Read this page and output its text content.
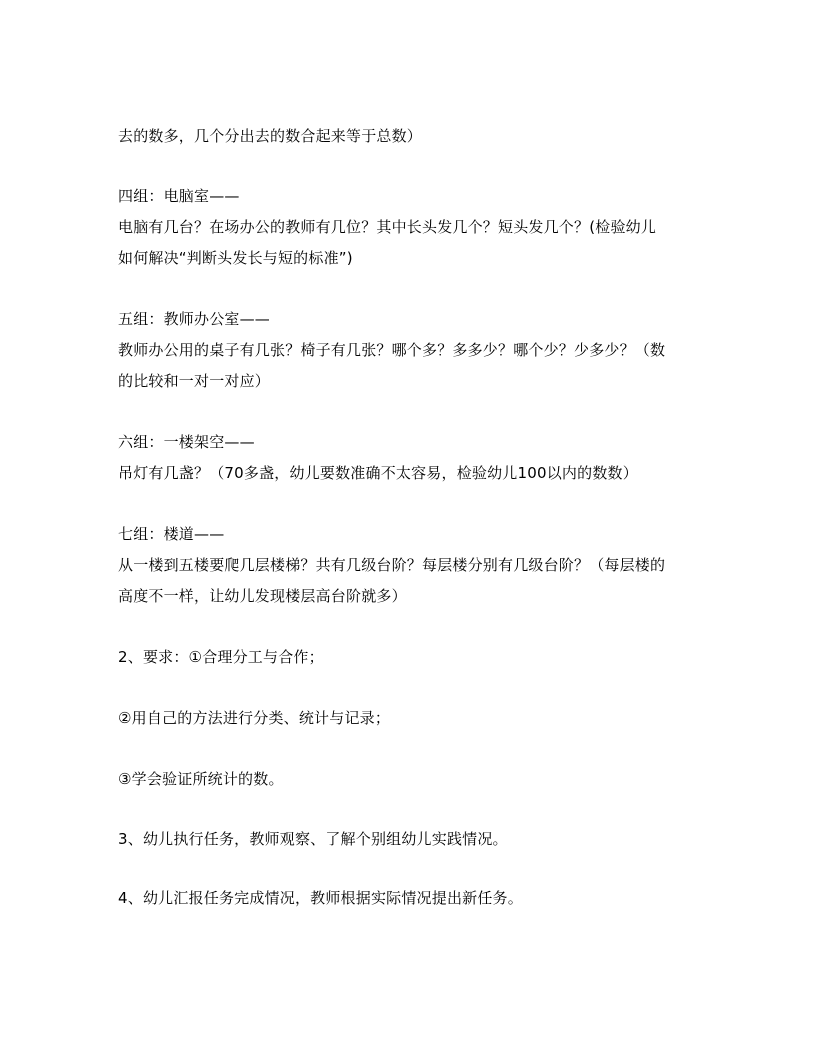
去的数多，几个分出去的数合起来等于总数）
四组：电脑室——
电脑有几台？在场办公的教师有几位？其中长头发几个？短头发几个？(检验幼儿
如何解决“判断头发长与短的标准”)
五组：教师办公室——
教师办公用的桌子有几张？椅子有几张？哪个多？多多少？哪个少？少多少？（数
的比较和一对一对应）
六组：一楼架空——
吊灯有几盏？（70多盏，幼儿要数准确不太容易，检验幼儿100以内的数数）
七组：楼道——
从一楼到五楼要爬几层楼梯？共有几级台阶？每层楼分别有几级台阶？（每层楼的
高度不一样，让幼儿发现楼层高台阶就多）
2、要求：①合理分工与合作；
②用自己的方法进行分类、统计与记录；
③学会验证所统计的数。
3、幼儿执行任务，教师观察、了解个别组幼儿实践情况。
4、幼儿汇报任务完成情况，教师根据实际情况提出新任务。
